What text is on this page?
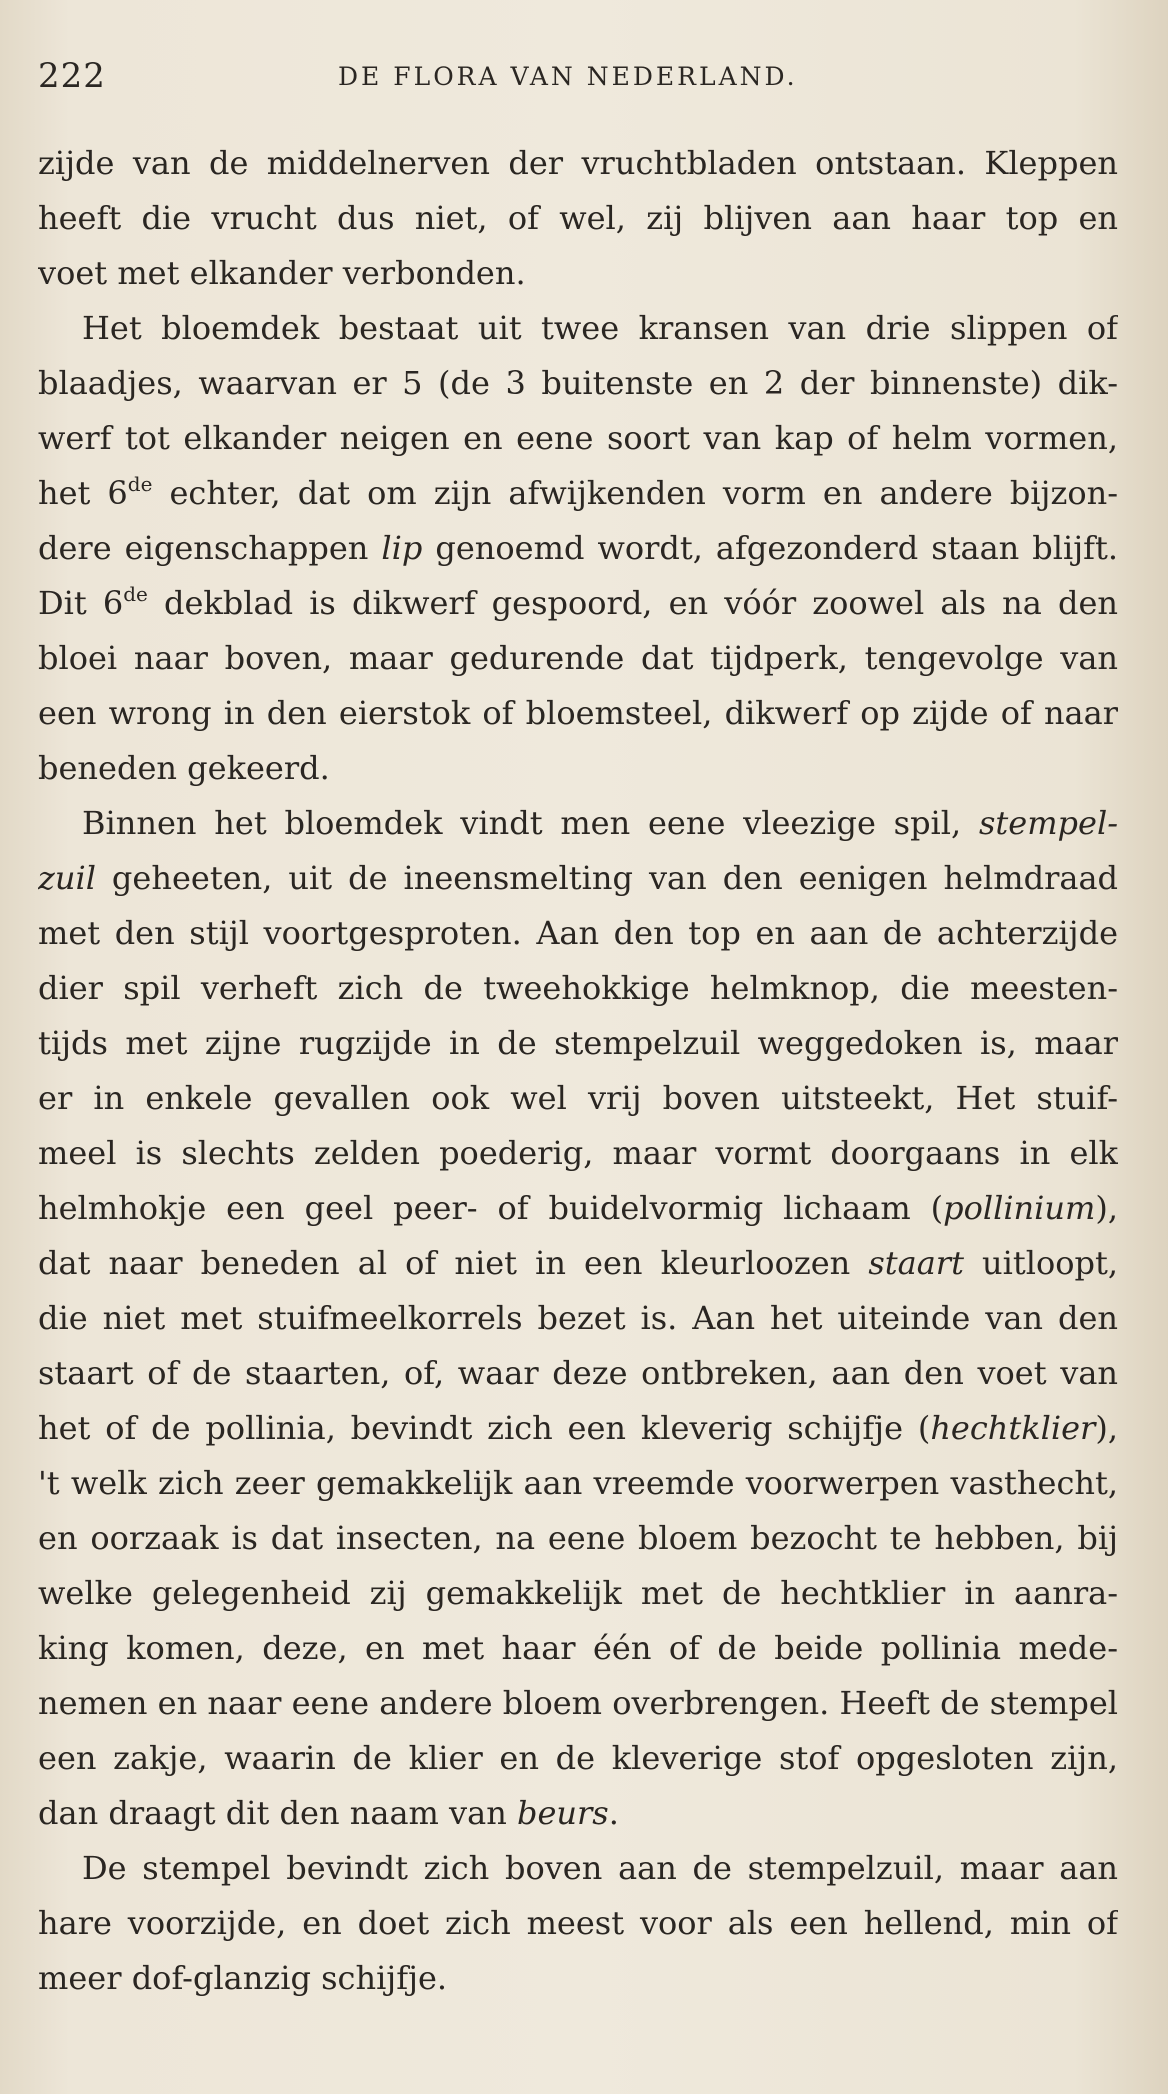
222	DE FLORA VAN NEDERLAND.
zijde van de middelnerven der vruchtbladen ontstaan. Kleppen
heeft die vrucht dus niet, of wel, zij blijven aan haar top en
voet met elkander verbonden.
Het bloemdek bestaat uit twee kransen van drie slippen of
blaadjes, waarvan er 5 (de 3 buitenste en 2 der binnenste) dik-
werf tot elkander neigen en eene soort van kap of helm vormen,
het 6de echter, dat om zijn afwijkenden vorm en andere bijzon-
dere eigenschappen lip genoemd wordt, afgezonderd staan blijft.
Dit 6de dekblad is dikwerf gespoord, en vóór zoowel als na den
bloei naar boven, maar gedurende dat tijdperk, tengevolge van
een wrong in den eierstok of bloemsteel, dikwerf op zijde of naar
beneden gekeerd.
Binnen het bloemdek vindt men eene vleezige spil, stempel-
zuil geheeten, uit de ineensmelting van den eenigen helmdraad
met den stijl voortgesproten. Aan den top en aan de achterzijde
dier spil verheft zich de tweehokkige helmknop, die meesten-
tijds met zijne rugzijde in de stempelzuil weggedoken is, maar
er in enkele gevallen ook wel vrij boven uitsteekt, Het stuif-
meel is slechts zelden poederig, maar vormt doorgaans in elk
helmhokje een geel peer- of buidelvormig lichaam (pollinium),
dat naar beneden al of niet in een kleurloozen staart uitloopt,
die niet met stuifmeelkorrels bezet is. Aan het uiteinde van den
staart of de staarten, of, waar deze ontbreken, aan den voet van
het of de pollinia, bevindt zich een kleverig schijfje (hechtklier),
't welk zich zeer gemakkelijk aan vreemde voorwerpen vasthecht,
en oorzaak is dat insecten, na eene bloem bezocht te hebben, bij
welke gelegenheid zij gemakkelijk met de hechtklier in aanra-
king komen, deze, en met haar één of de beide pollinia mede-
nemen en naar eene andere bloem overbrengen. Heeft de stempel
een zakje, waarin de klier en de kleverige stof opgesloten zijn,
dan draagt dit den naam van beurs.
De stempel bevindt zich boven aan de stempelzuil, maar aan
hare voorzijde, en doet zich meest voor als een hellend, min of
meer dof-glanzig schijfje.
